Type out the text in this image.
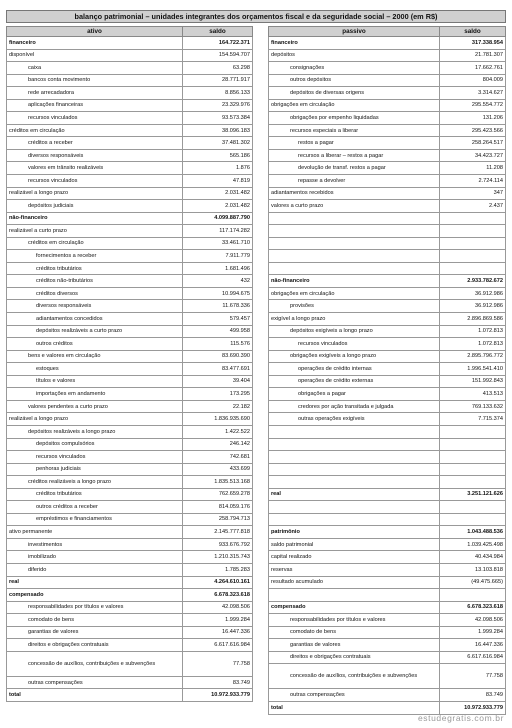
balanço patrimonial – unidades integrantes dos orçamentos fiscal e da seguridade social – 2000 (em R$)
ativo	saldo
financeiro	164.722.371
disponível	154.594.707
caixa	63.298
bancos conta movimento	28.771.917
rede arrecadadora	8.856.133
aplicações financeiras	23.329.976
recursos vinculados	93.573.384
créditos em circulação	38.096.183
créditos a receber	37.481.302
diversos responsáveis	565.186
valores em trânsito realizáveis	1.876
recursos vinculados	47.819
realizável a longo prazo	2.031.482
depósitos judiciais	2.031.482
não-financeiro	4.099.887.790
realizável a curto prazo	117.174.282
créditos em circulação	33.461.710
fornecimentos a receber	7.911.779
créditos tributários	1.681.496
créditos não-tributários	432
créditos diversos	10.994.675
diversos responsáveis	11.678.336
adiantamentos concedidos	579.457
depósitos realizáveis a curto prazo	499.958
outros créditos	115.576
bens e valores em circulação	83.690.390
estoques	83.477.691
títulos e valores	39.404
importações em andamento	173.295
valores pendentes a curto prazo	22.182
realizável a longo prazo	1.836.935.690
depósitos realizáveis a longo prazo	1.422.522
depósitos compulsórios	246.142
recursos vinculados	742.681
penhoras judiciais	433.699
créditos realizáveis a longo prazo	1.835.513.168
créditos tributários	762.659.278
outros créditos a receber	814.059.176
empréstimos e financiamentos	258.794.713
ativo permanente	2.145.777.818
investimentos	933.676.792
imobilizado	1.210.315.743
diferido	1.785.283
real	4.264.610.161
compensado	6.678.323.618
responsabilidades por títulos e valores	42.098.506
comodato de bens	1.999.284
garantias de valores	16.447.336
direitos e obrigações contratuais	6.617.616.984
concessão de auxílios, contribuições e subvenções	77.758
outras compensações	83.749
total	10.972.933.779
passivo	saldo
financeiro	317.338.954
depósitos	21.781.307
consignações	17.662.761
outros depósitos	804.009
depósitos de diversas origens	3.314.627
obrigações em circulação	295.554.772
obrigações por empenho liquidadas	131.206
recursos especiais a liberar	295.423.566
restos a pagar	258.264.517
recursos a liberar – restos a pagar	34.423.727
devolução de transf. restos a pagar	11.208
repasse a devolver	2.724.114
adiantamentos recebidos	347
valores a curto prazo	2.437

não-financeiro	2.933.782.672
obrigações em circulação	36.912.986
provisões	36.912.986
exigível a longo prazo	2.896.869.586
depósitos exigíveis a longo prazo	1.072.813
recursos vinculados	1.072.813
obrigações exigíveis a longo prazo	2.895.796.772
operações de crédito internas	1.996.541.410
operações de crédito externas	151.992.843
obrigações a pagar	413.513
credores por ação transitada e julgada	769.133.632
outras operações exigíveis	7.715.374

real	3.251.121.626

patrimônio	1.043.488.536
saldo patrimonial	1.039.425.498
capital realizado	40.434.984
reservas	13.103.818
resultado acumulado	(49.475.665)

compensado	6.678.323.618
responsabilidades por títulos e valores	42.098.506
comodato de bens	1.999.284
garantias de valores	16.447.336
direitos e obrigações contratuais	6.617.616.984
concessão de auxílios, contribuições e subvenções	77.758
outras compensações	83.749
total	10.972.933.779
estudegratis.com.br
